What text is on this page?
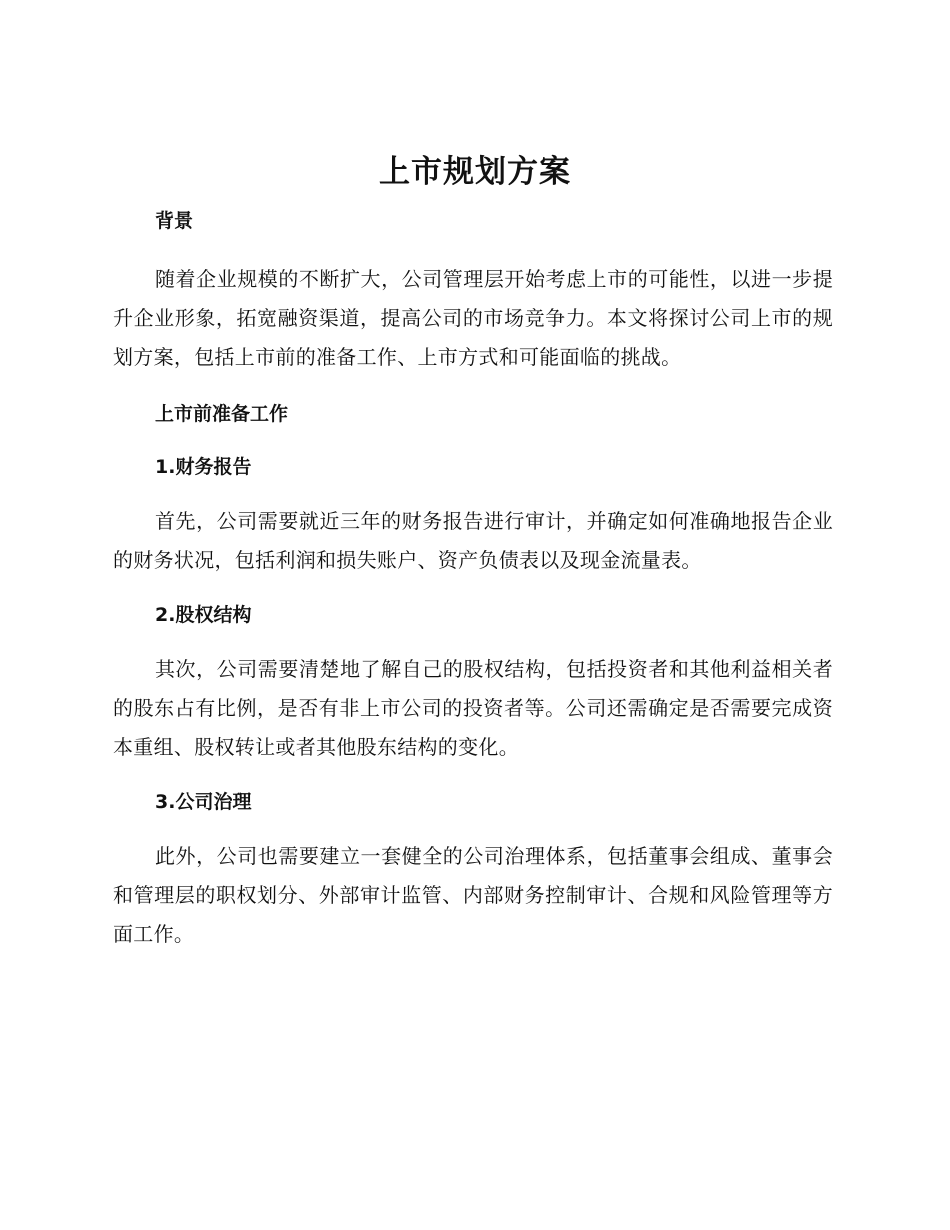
上市规划方案
背景

随着企业规模的不断扩大，公司管理层开始考虑上市的可能性，以进一步提升企业形象，拓宽融资渠道，提高公司的市场竞争力。本文将探讨公司上市的规划方案，包括上市前的准备工作、上市方式和可能面临的挑战。

上市前准备工作
1.财务报告

首先，公司需要就近三年的财务报告进行审计，并确定如何准确地报告企业的财务状况，包括利润和损失账户、资产负债表以及现金流量表。

2.股权结构

其次，公司需要清楚地了解自己的股权结构，包括投资者和其他利益相关者的股东占有比例，是否有非上市公司的投资者等。公司还需确定是否需要完成资本重组、股权转让或者其他股东结构的变化。

3.公司治理

此外，公司也需要建立一套健全的公司治理体系，包括董事会组成、董事会和管理层的职权划分、外部审计监管、内部财务控制审计、合规和风险管理等方面工作。
